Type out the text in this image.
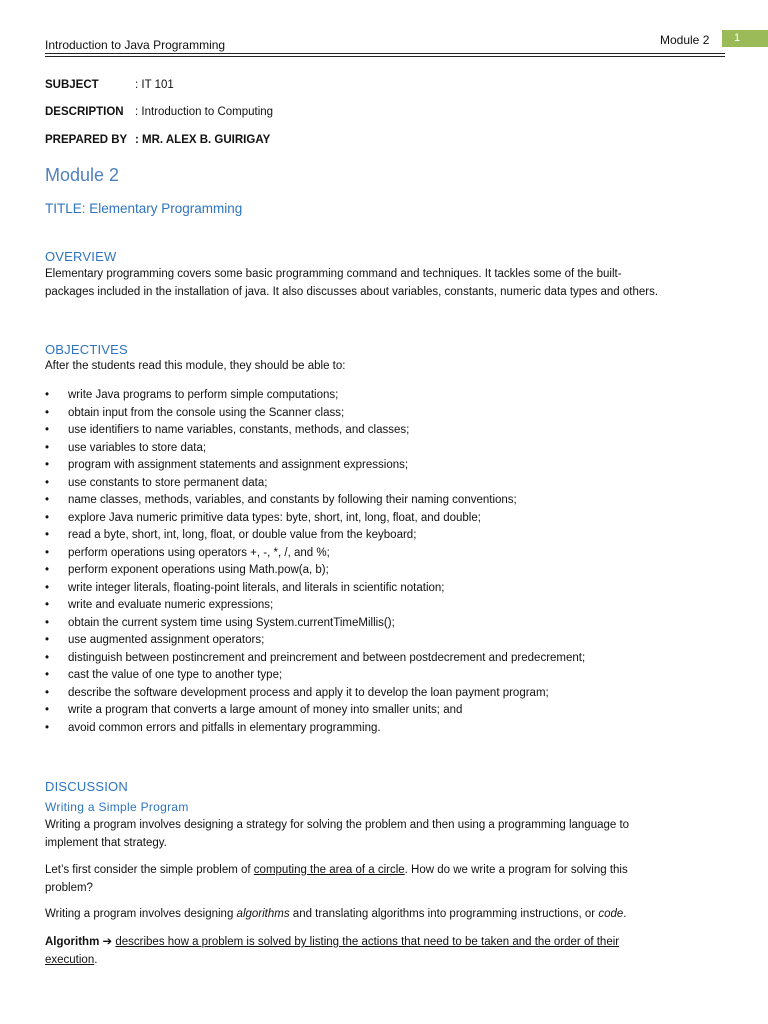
Introduction to Java Programming	Module 2	1
SUBJECT	: IT 101
DESCRIPTION : Introduction to Computing
PREPARED BY : MR. ALEX B. GUIRIGAY
Module 2
TITLE: Elementary Programming
OVERVIEW
Elementary programming covers some basic programming command and techniques. It tackles some of the built-
packages included in the installation of java. It also discusses about variables, constants, numeric data types and others.
OBJECTIVES
After the students read this module, they should be able to:
• write Java programs to perform simple computations;
• obtain input from the console using the Scanner class;
• use identifiers to name variables, constants, methods, and classes;
• use variables to store data;
• program with assignment statements and assignment expressions;
• use constants to store permanent data;
• name classes, methods, variables, and constants by following their naming conventions;
• explore Java numeric primitive data types: byte, short, int, long, float, and double;
• read a byte, short, int, long, float, or double value from the keyboard;
• perform operations using operators +, -, *, /, and %;
• perform exponent operations using Math.pow(a, b);
• write integer literals, floating-point literals, and literals in scientific notation;
• write and evaluate numeric expressions;
• obtain the current system time using System.currentTimeMillis();
• use augmented assignment operators;
• distinguish between postincrement and preincrement and between postdecrement and predecrement;
• cast the value of one type to another type;
• describe the software development process and apply it to develop the loan payment program;
• write a program that converts a large amount of money into smaller units; and
• avoid common errors and pitfalls in elementary programming.
DISCUSSION
Writing a Simple Program
Writing a program involves designing a strategy for solving the problem and then using a programming language to
implement that strategy.
Let’s first consider the simple problem of computing the area of a circle. How do we write a program for solving this
problem?
Writing a program involves designing algorithms and translating algorithms into programming instructions, or code.
Algorithm ➔ describes how a problem is solved by listing the actions that need to be taken and the order of their
execution.
